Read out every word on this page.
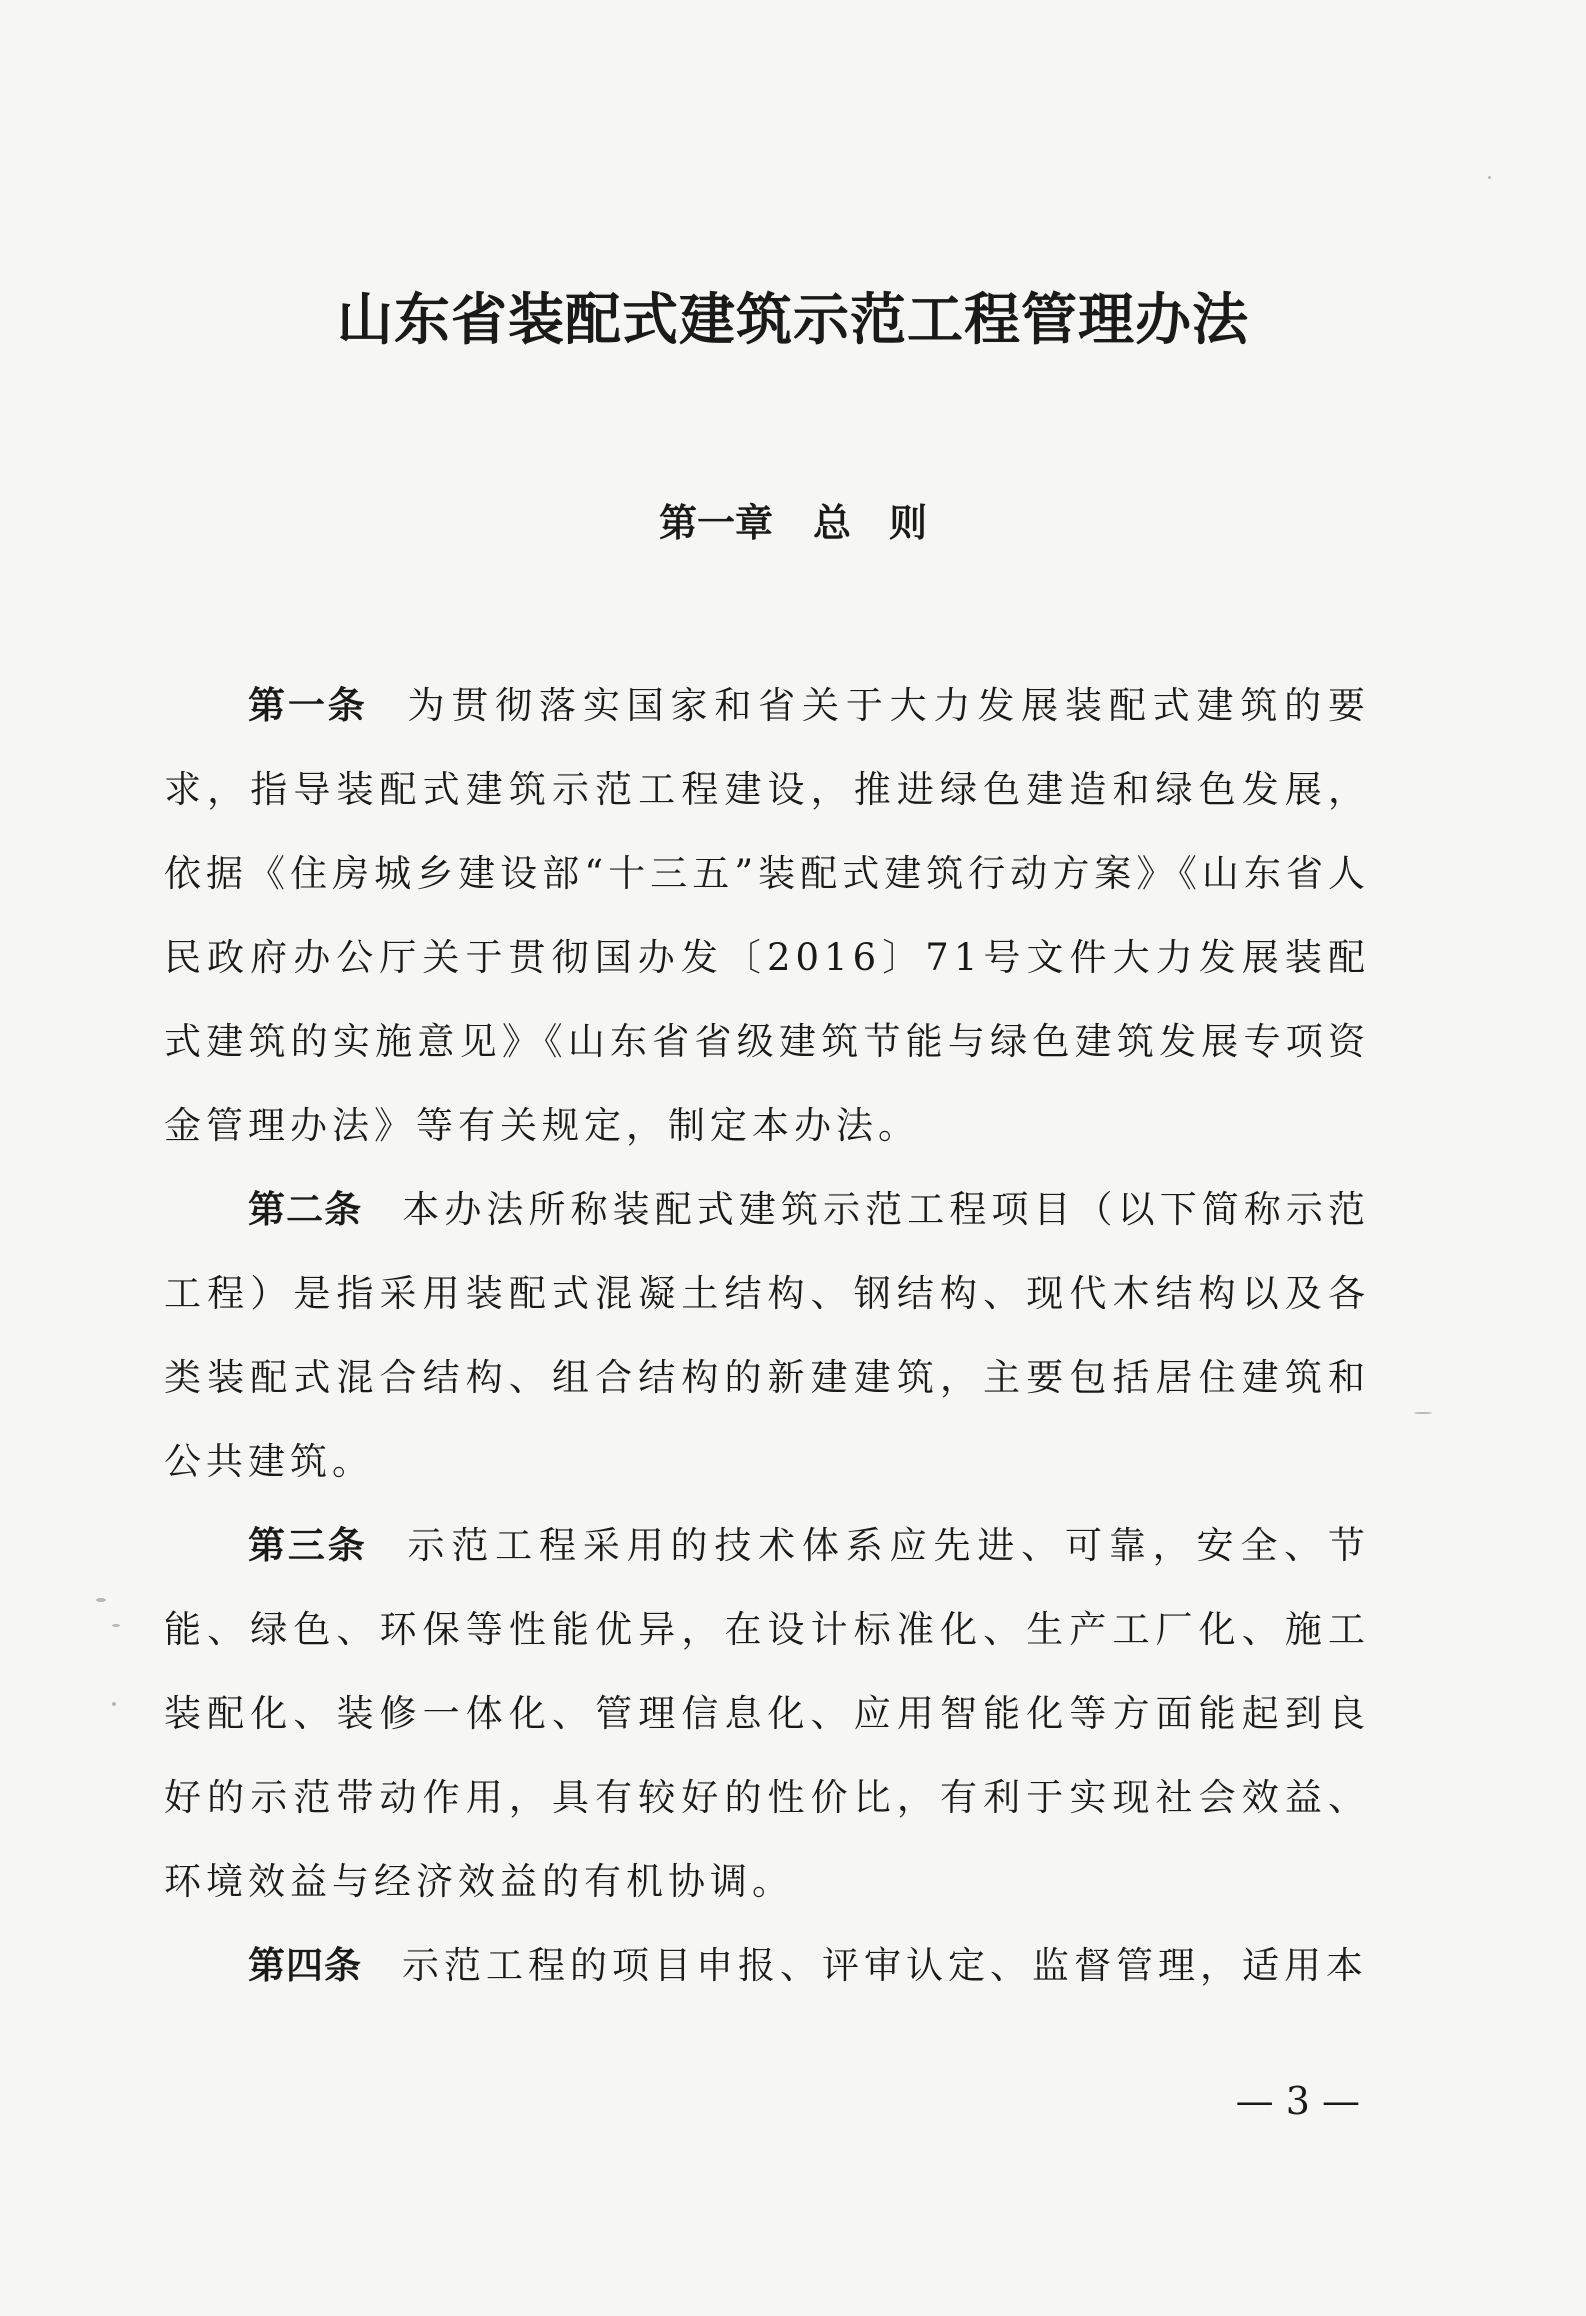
山东省装配式建筑示范工程管理办法
第一章 总　则

第一条 为贯彻落实国家和省关于大力发展装配式建筑的要求，指导装配式建筑示范工程建设，推进绿色建造和绿色发展，依据《住房城乡建设部“十三五”装配式建筑行动方案》《山东省人民政府办公厅关于贯彻国办发〔2016〕71号文件大力发展装配式建筑的实施意见》《山东省省级建筑节能与绿色建筑发展专项资金管理办法》等有关规定，制定本办法。

第二条 本办法所称装配式建筑示范工程项目（以下简称示范工程）是指采用装配式混凝土结构、钢结构、现代木结构以及各类装配式混合结构、组合结构的新建建筑，主要包括居住建筑和公共建筑。

第三条 示范工程采用的技术体系应先进、可靠，安全、节能、绿色、环保等性能优异，在设计标准化、生产工厂化、施工装配化、装修一体化、管理信息化、应用智能化等方面能起到良好的示范带动作用，具有较好的性价比，有利于实现社会效益、环境效益与经济效益的有机协调。

第四条 示范工程的项目申报、评审认定、监督管理，适用本

— 3 —
